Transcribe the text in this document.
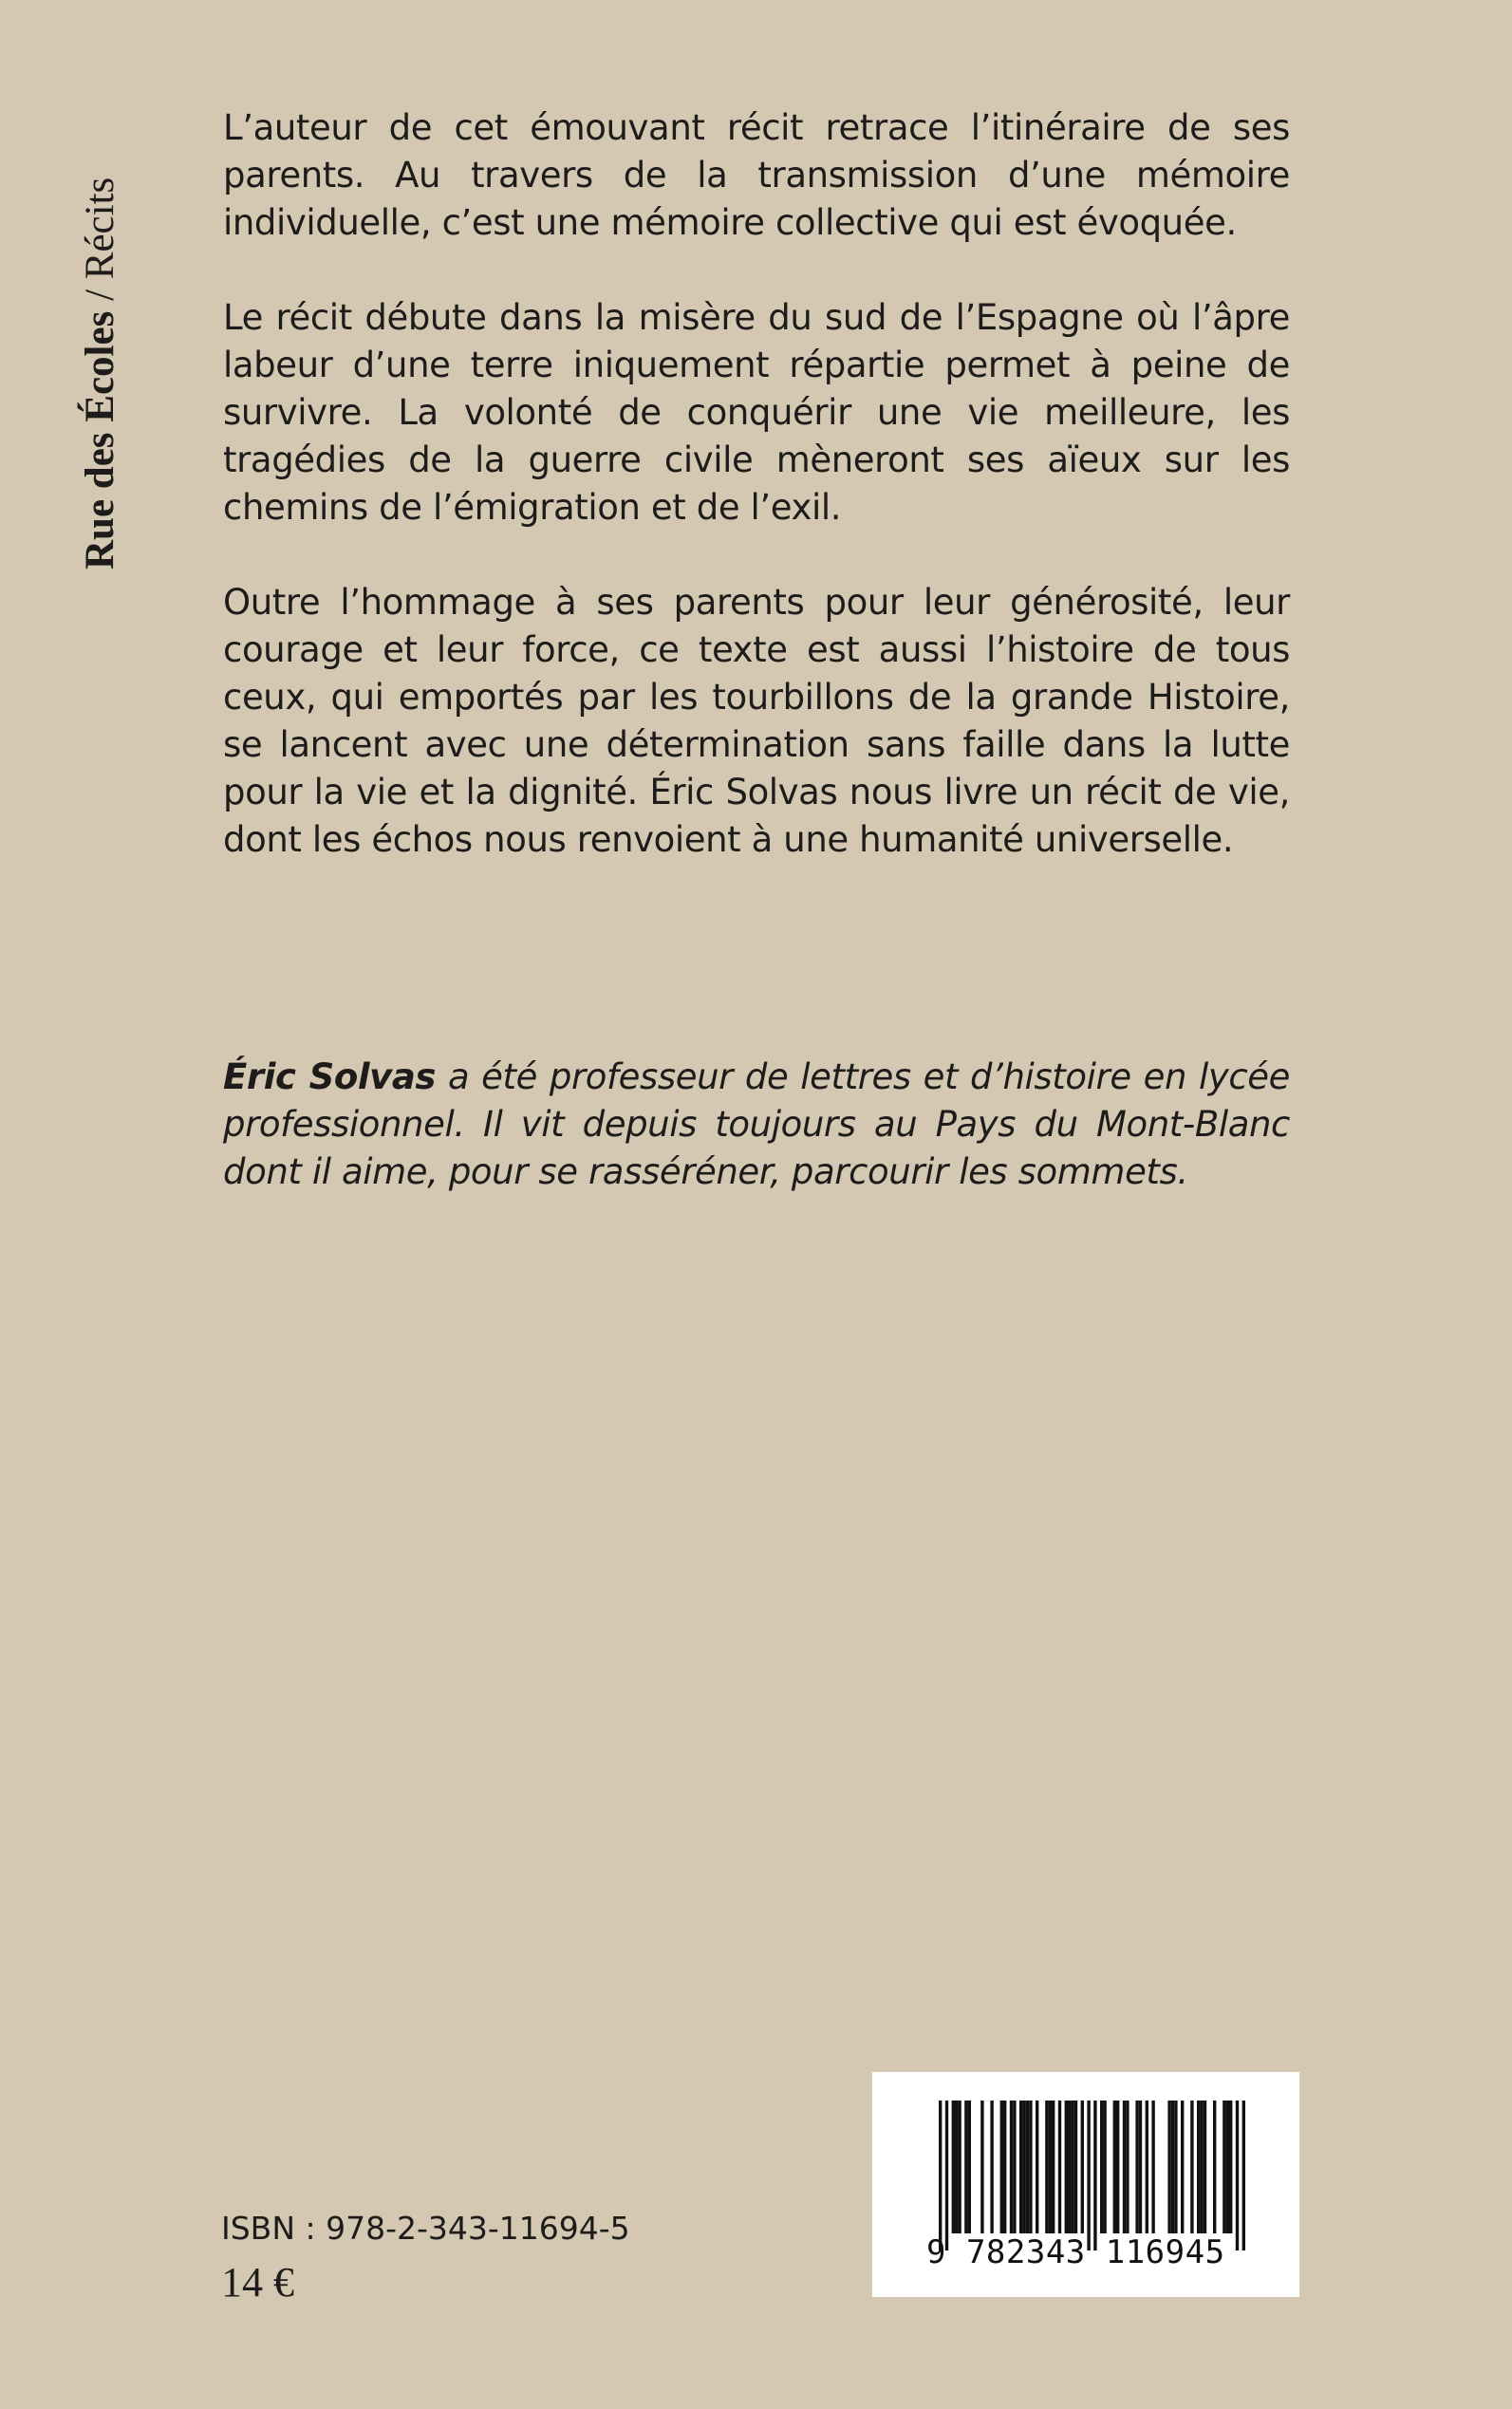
Rue des Écoles / Récits

L’auteur de cet émouvant récit retrace l’itinéraire de ses parents. Au travers de la transmission d’une mémoire individuelle, c’est une mémoire collective qui est évoquée.

Le récit débute dans la misère du sud de l’Espagne où l’âpre labeur d’une terre iniquement répartie permet à peine de survivre. La volonté de conquérir une vie meilleure, les tragédies de la guerre civile mèneront ses aïeux sur les chemins de l’émigration et de l’exil.

Outre l’hommage à ses parents pour leur générosité, leur courage et leur force, ce texte est aussi l’histoire de tous ceux, qui emportés par les tourbillons de la grande Histoire, se lancent avec une détermination sans faille dans la lutte pour la vie et la dignité. Éric Solvas nous livre un récit de vie, dont les échos nous renvoient à une humanité universelle.

Éric Solvas a été professeur de lettres et d’histoire en lycée professionnel. Il vit depuis toujours au Pays du Mont-Blanc dont il aime, pour se rasséréner, parcourir les sommets.

ISBN : 978-2-343-11694-5
14 €
9 782343 116945
